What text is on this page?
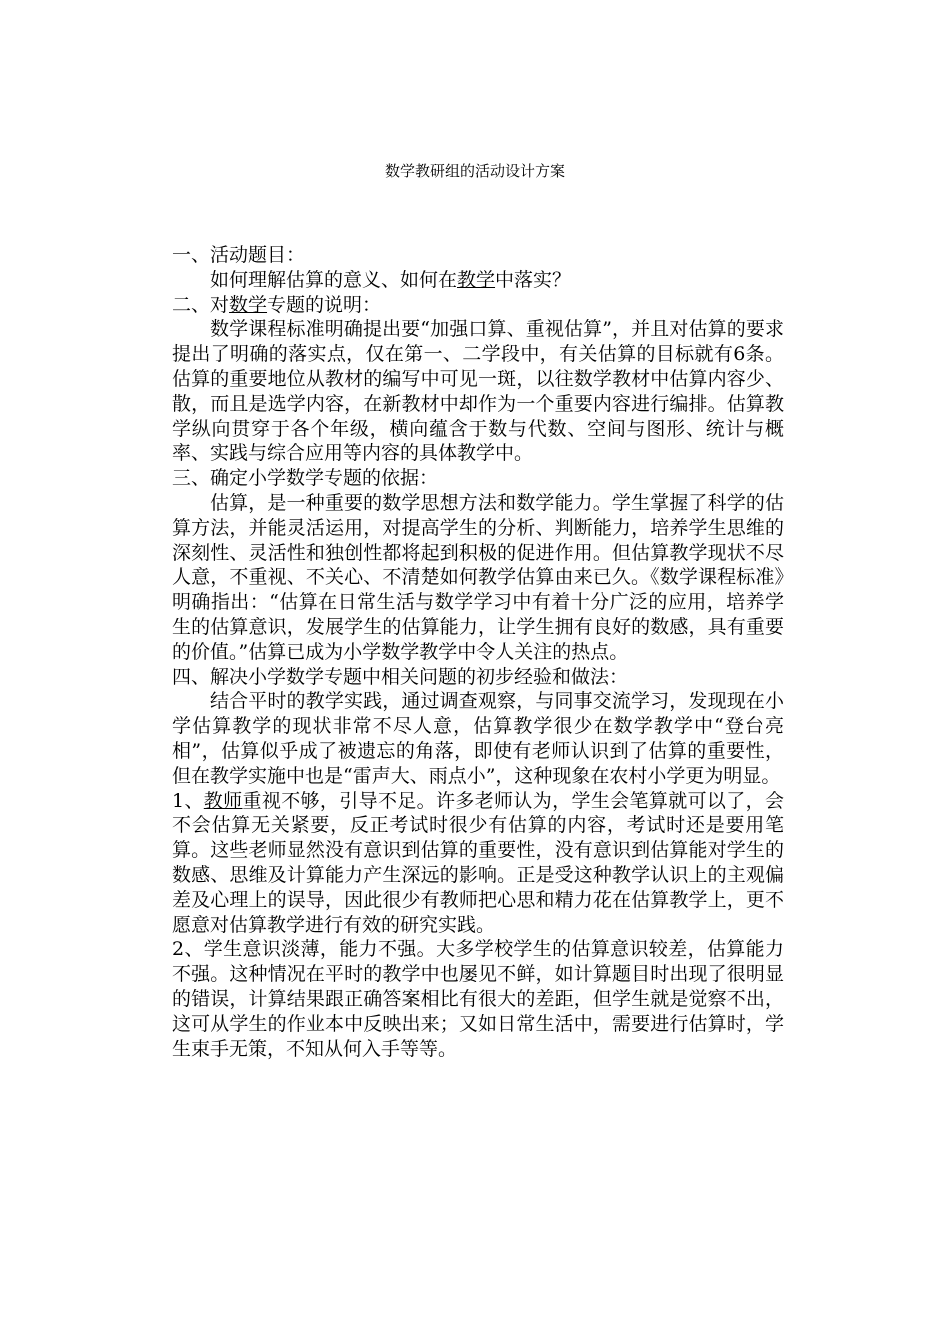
数学教研组的活动设计方案

一、活动题目：

如何理解估算的意义、如何在教学中落实？

二、对数学专题的说明：

数学课程标准明确提出要“加强口算、重视估算”，并且对估算的要求提出了明确的落实点，仅在第一、二学段中，有关估算的目标就有6条。估算的重要地位从教材的编写中可见一斑，以往数学教材中估算内容少、散，而且是选学内容，在新教材中却作为一个重要内容进行编排。估算教学纵向贯穿于各个年级，横向蕴含于数与代数、空间与图形、统计与概率、实践与综合应用等内容的具体教学中。

三、确定小学数学专题的依据：

估算，是一种重要的数学思想方法和数学能力。学生掌握了科学的估算方法，并能灵活运用，对提高学生的分析、判断能力，培养学生思维的深刻性、灵活性和独创性都将起到积极的促进作用。但估算教学现状不尽人意，不重视、不关心、不清楚如何教学估算由来已久。《数学课程标准》明确指出：“估算在日常生活与数学学习中有着十分广泛的应用，培养学生的估算意识，发展学生的估算能力，让学生拥有良好的数感，具有重要的价值。”估算已成为小学数学教学中令人关注的热点。

四、解决小学数学专题中相关问题的初步经验和做法：

结合平时的教学实践，通过调查观察，与同事交流学习，发现现在小学估算教学的现状非常不尽人意，估算教学很少在数学教学中“登台亮相”，估算似乎成了被遗忘的角落，即使有老师认识到了估算的重要性，但在教学实施中也是“雷声大、雨点小”，这种现象在农村小学更为明显。

1、教师重视不够，引导不足。许多老师认为，学生会笔算就可以了，会不会估算无关紧要，反正考试时很少有估算的内容，考试时还是要用笔算。这些老师显然没有意识到估算的重要性，没有意识到估算能对学生的数感、思维及计算能力产生深远的影响。正是受这种教学认识上的主观偏差及心理上的误导，因此很少有教师把心思和精力花在估算教学上，更不愿意对估算教学进行有效的研究实践。

2、学生意识淡薄，能力不强。大多学校学生的估算意识较差，估算能力不强。这种情况在平时的教学中也屡见不鲜，如计算题目时出现了很明显的错误，计算结果跟正确答案相比有很大的差距，但学生就是觉察不出，这可从学生的作业本中反映出来；又如日常生活中，需要进行估算时，学生束手无策，不知从何入手等等。
